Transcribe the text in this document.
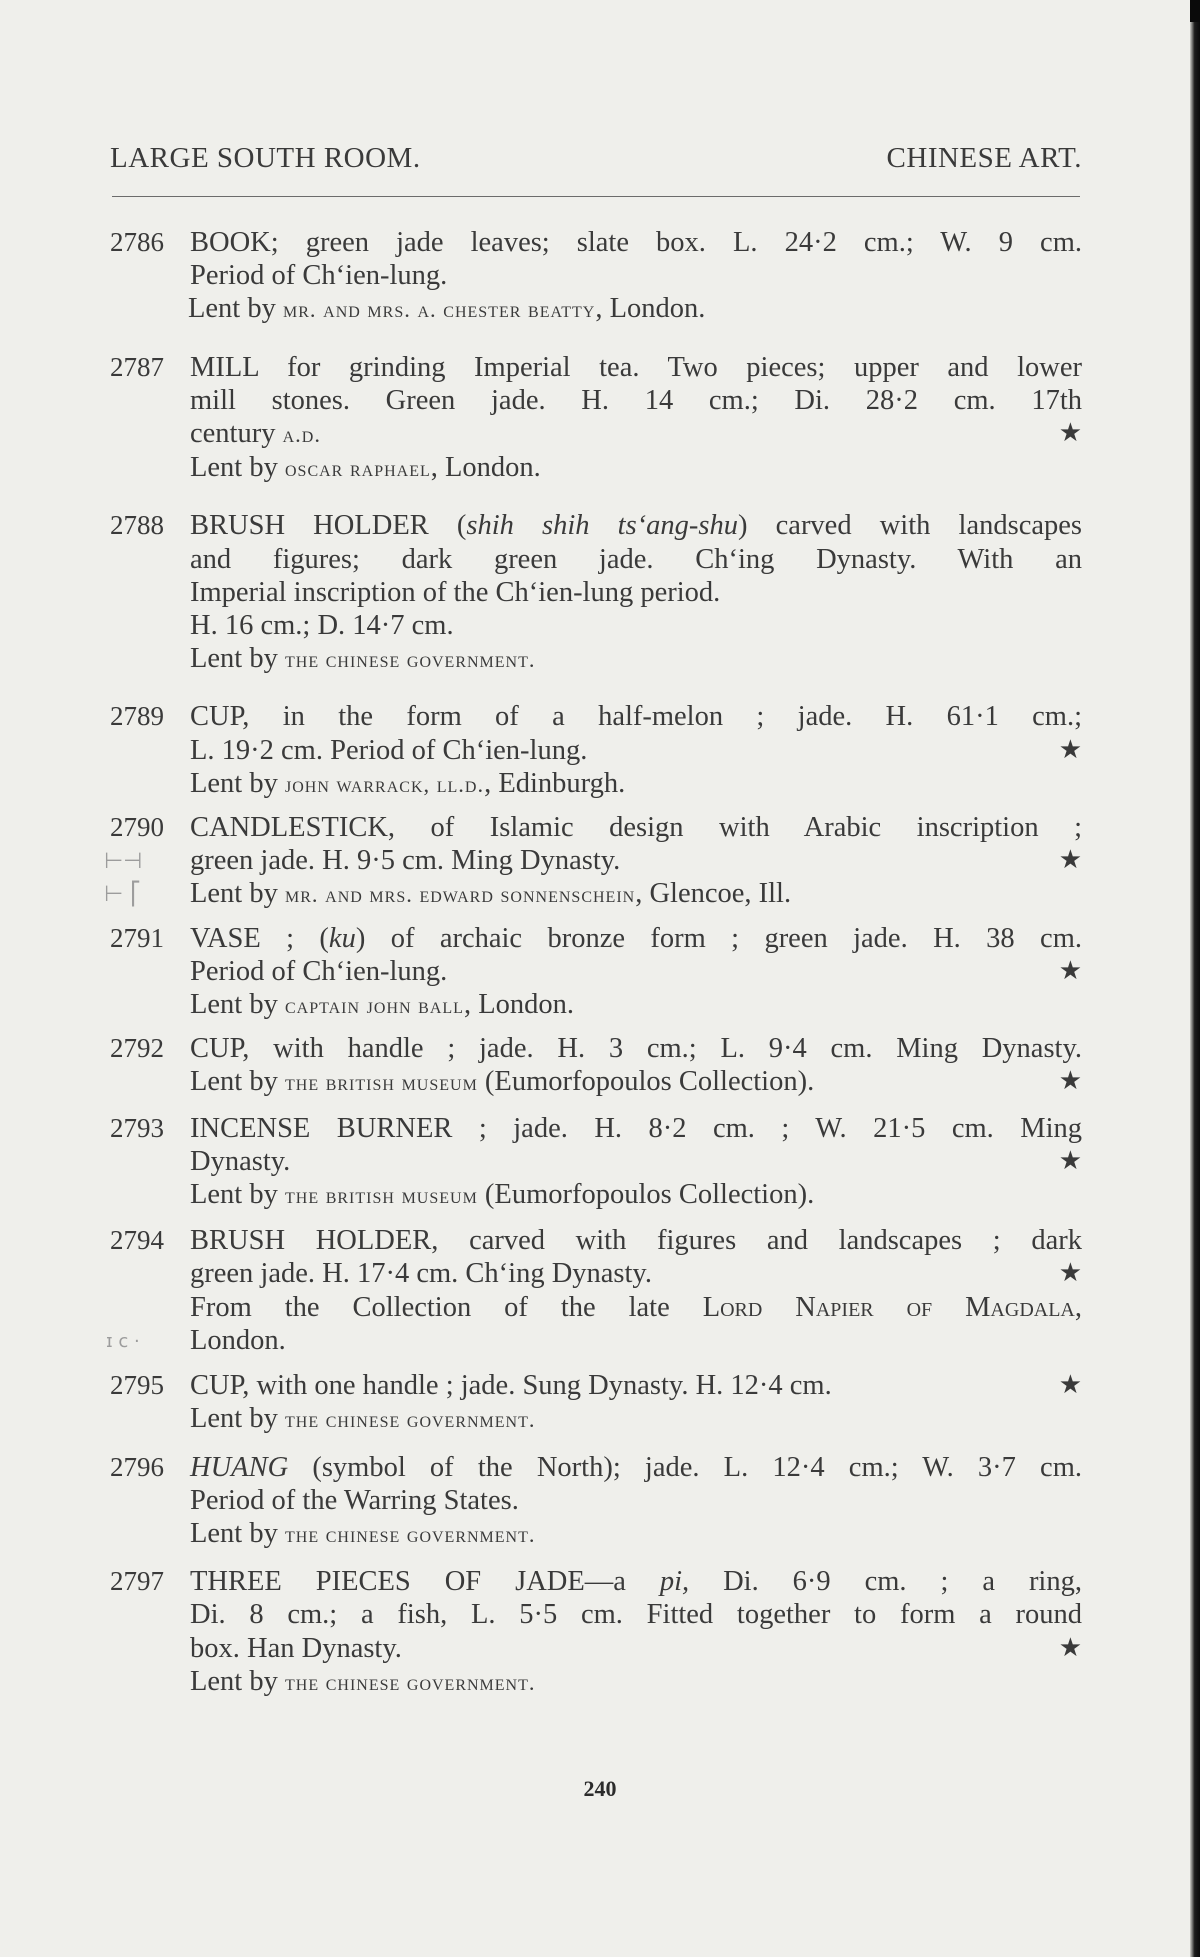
LARGE SOUTH ROOM.	CHINESE ART.
2786 BOOK; green jade leaves; slate box. L. 24·2 cm.; W. 9 cm.
Period of Ch‘ien-lung.
Lent by mr. and mrs. a. chester beatty, London.
2787 MILL for grinding Imperial tea. Two pieces; upper and lower
mill stones. Green jade. H. 14 cm.; Di. 28·2 cm. 17th
century a.d.	★
Lent by oscar raphael, London.
2788 BRUSH HOLDER (shih shih ts‘ang-shu) carved with landscapes
and figures; dark green jade. Ch‘ing Dynasty. With an
Imperial inscription of the Ch‘ien-lung period.
H. 16 cm.; D. 14·7 cm.
Lent by the chinese government.
2789 CUP, in the form of a half-melon ; jade. H. 61·1 cm.;
L. 19·2 cm. Period of Ch‘ien-lung.	★
Lent by john warrack, ll.d., Edinburgh.
2790 CANDLESTICK, of Islamic design with Arabic inscription ;
green jade. H. 9·5 cm. Ming Dynasty.	★
Lent by mr. and mrs. edward sonnenschein, Glencoe, Ill.
⊢⊣
⊢ ⎡
2791 VASE ; (ku) of archaic bronze form ; green jade. H. 38 cm.
Period of Ch‘ien-lung.	★
Lent by captain john ball, London.
2792 CUP, with handle ; jade. H. 3 cm.; L. 9·4 cm. Ming Dynasty.
Lent by the british museum (Eumorfopoulos Collection).	★
2793 INCENSE BURNER ; jade. H. 8·2 cm. ; W. 21·5 cm. Ming
Dynasty.	★
Lent by the british museum (Eumorfopoulos Collection).
2794 BRUSH HOLDER, carved with figures and landscapes ; dark
green jade. H. 17·4 cm. Ch‘ing Dynasty.	★
From the Collection of the late Lord Napier of Magdala,
London.
ɪ ᴄ ·
2795 CUP, with one handle ; jade. Sung Dynasty. H. 12·4 cm.	★
Lent by the chinese government.
2796 HUANG (symbol of the North); jade. L. 12·4 cm.; W. 3·7 cm.
Period of the Warring States.
Lent by the chinese government.
2797 THREE PIECES OF JADE—a pi, Di. 6·9 cm. ; a ring,
Di. 8 cm.; a fish, L. 5·5 cm. Fitted together to form a round
box. Han Dynasty.	★
Lent by the chinese government.
240
